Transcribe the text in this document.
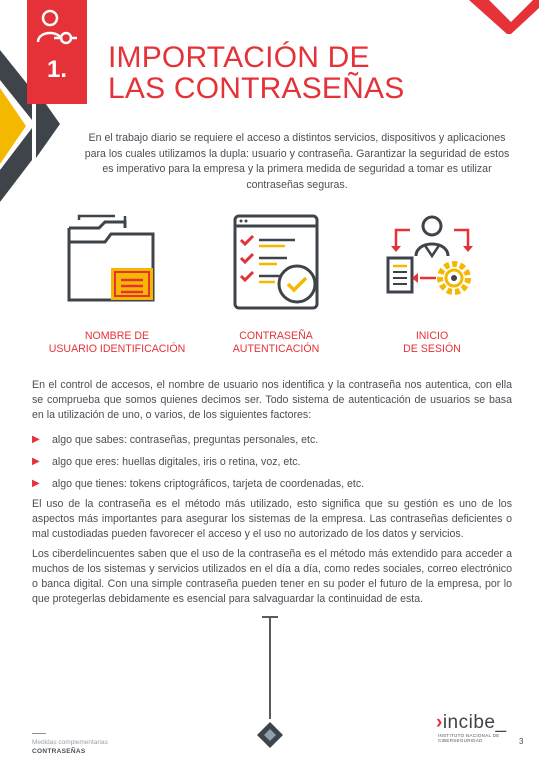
1.	IMPORTACIÓN DE
LAS CONTRASEÑAS
En el trabajo diario se requiere el acceso a distintos servicios, dispositivos y aplicaciones para los cuales utilizamos la dupla: usuario y contraseña. Garantizar la seguridad de estos es imperativo para la empresa y la primera medida de seguridad a tomar es utilizar contraseñas seguras.
NOMBRE DE
USUARIO IDENTIFICACIÓN
CONTRASEÑA
AUTENTICACIÓN
INICIO
DE SESIÓN
En el control de accesos, el nombre de usuario nos identifica y la contraseña nos autentica, con ella se comprueba que somos quienes decimos ser. Todo sistema de autenticación de usuarios se basa en la utilización de uno, o varios, de los siguientes factores:
▶ algo que sabes: contraseñas, preguntas personales, etc.
▶ algo que eres: huellas digitales, iris o retina, voz, etc.
▶ algo que tienes: tokens criptográficos, tarjeta de coordenadas, etc.
El uso de la contraseña es el método más utilizado, esto significa que su gestión es uno de los aspectos más importantes para asegurar los sistemas de la empresa. Las contraseñas deficientes o mal custodiadas pueden favorecer el acceso y el uso no autorizado de los datos y servicios.
Los ciberdelincuentes saben que el uso de la contraseña es el método más extendido para acceder a muchos de los sistemas y servicios utilizados en el día a día, como redes sociales, correo electrónico o banca digital. Con una simple contraseña pueden tener en su poder el futuro de la empresa, por lo que protegerlas debidamente es esencial para salvaguardar la continuidad de esta.
Medidas complementarias
CONTRASEÑAS
›incibe_
INSTITUTO NACIONAL DE CIBERSEGURIDAD	3
